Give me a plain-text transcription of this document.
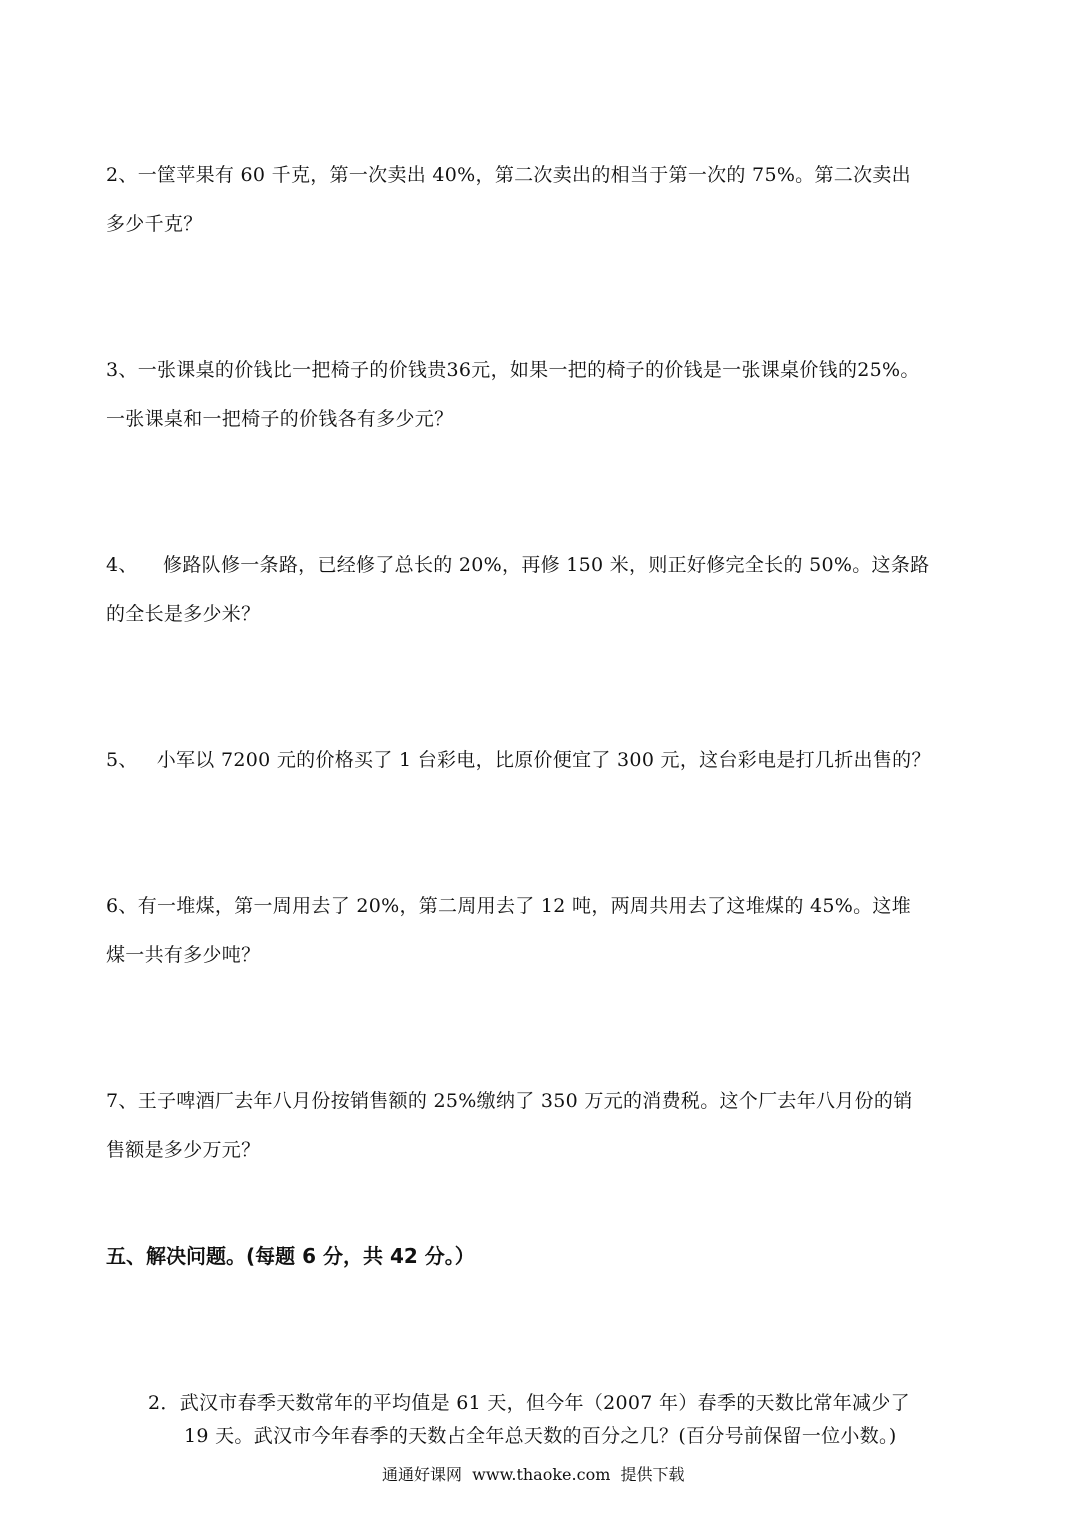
2、一筐苹果有 60 千克，第一次卖出 40%，第二次卖出的相当于第一次的 75%。第二次卖出
多少千克？
3、一张课桌的价钱比一把椅子的价钱贵36元，如果一把的椅子的价钱是一张课桌价钱的25%。
一张课桌和一把椅子的价钱各有多少元？
4、    修路队修一条路，已经修了总长的 20%，再修 150 米，则正好修完全长的 50%。这条路
的全长是多少米？
5、   小军以 7200 元的价格买了 1 台彩电，比原价便宜了 300 元，这台彩电是打几折出售的？
6、有一堆煤，第一周用去了 20%，第二周用去了 12 吨，两周共用去了这堆煤的 45%。这堆
煤一共有多少吨？
7、王子啤酒厂去年八月份按销售额的 25%缴纳了 350 万元的消费税。这个厂去年八月份的销
售额是多少万元？
五、解决问题。(每题 6 分，共 42 分。）
2．武汉市春季天数常年的平均值是 61 天，但今年（2007 年）春季的天数比常年减少了
19 天。武汉市今年春季的天数占全年总天数的百分之几？(百分号前保留一位小数。)
通通好课网  www.thaoke.com  提供下载
